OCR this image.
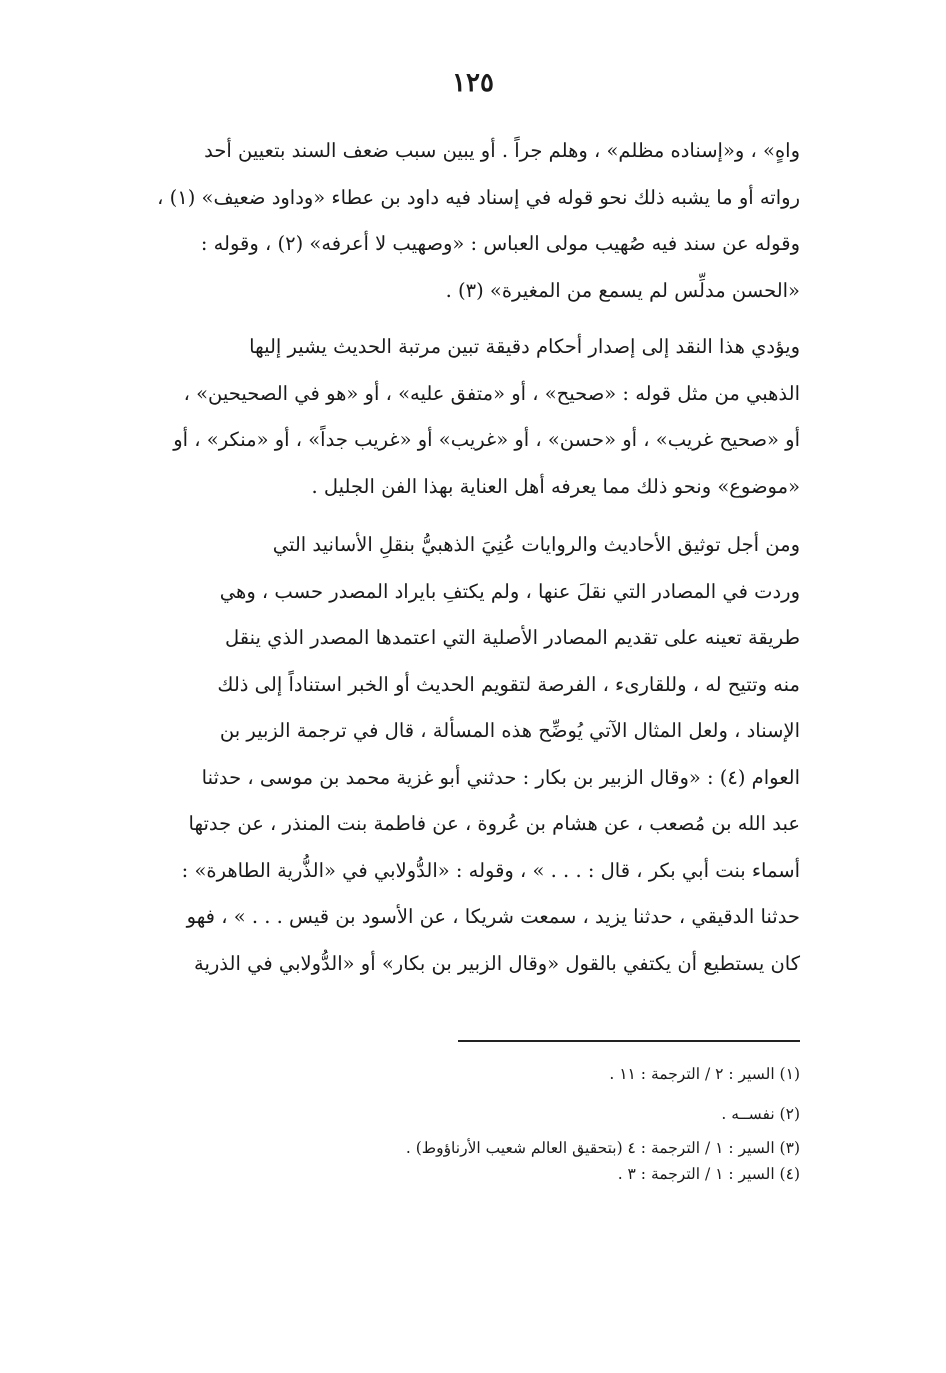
١٢٥
واهٍ» ، و«إسناده مظلم» ، وهلم جراً . أو يبين سبب ضعف السند بتعيين أحد
رواته أو ما يشبه ذلك نحو قوله في إسناد فيه داود بن عطاء «وداود ضعيف» (١) ،
وقوله عن سند فيه صُهيب مولى العباس : «وصهيب لا أعرفه» (٢) ، وقوله :
«الحسن مدلِّس لم يسمع من المغيرة» (٣) .
ويؤدي هذا النقد إلى إصدار أحكام دقيقة تبين مرتبة الحديث يشير إليها
الذهبي من مثل قوله : «صحيح» ، أو «متفق عليه» ، أو «هو في الصحيحين» ،
أو «صحيح غريب» ، أو «حسن» ، أو «غريب» أو «غريب جداً» ، أو «منكر» ، أو
«موضوع» ونحو ذلك مما يعرفه أهل العناية بهذا الفن الجليل .
ومن أجل توثيق الأحاديث والروايات عُنِيَ الذهبيُّ بنقلِ الأسانيد التي
وردت في المصادر التي نقلَ عنها ، ولم يكتفِ بايراد المصدر حسب ، وهي
طريقة تعينه على تقديم المصادر الأصلية التي اعتمدها المصدر الذي ينقل
منه وتتيح له ، وللقارىء ، الفرصة لتقويم الحديث أو الخبر استناداً إلى ذلك
الإسناد ، ولعل المثال الآتي يُوضِّح هذه المسألة ، قال في ترجمة الزبير بن
العوام (٤) : «وقال الزبير بن بكار : حدثني أبو غزية محمد بن موسى ، حدثنا
عبد الله بن مُصعب ، عن هشام بن عُروة ، عن فاطمة بنت المنذر ، عن جدتها
أسماء بنت أبي بكر ، قال : . . . » ، وقوله : «الدُّولابي في «الذُّرية الطاهرة» :
حدثنا الدقيقي ، حدثنا يزيد ، سمعت شريكا ، عن الأسود بن قيس . . . » ، فهو
كان يستطيع أن يكتفي بالقول «وقال الزبير بن بكار» أو «الدُّولابي في الذرية
(١) السير : ٢ / الترجمة : ١١ .
(٢) نفســه .
(٣) السير : ١ / الترجمة : ٤ (بتحقيق العالم شعيب الأرناؤوط) .
(٤) السير : ١ / الترجمة : ٣ .
